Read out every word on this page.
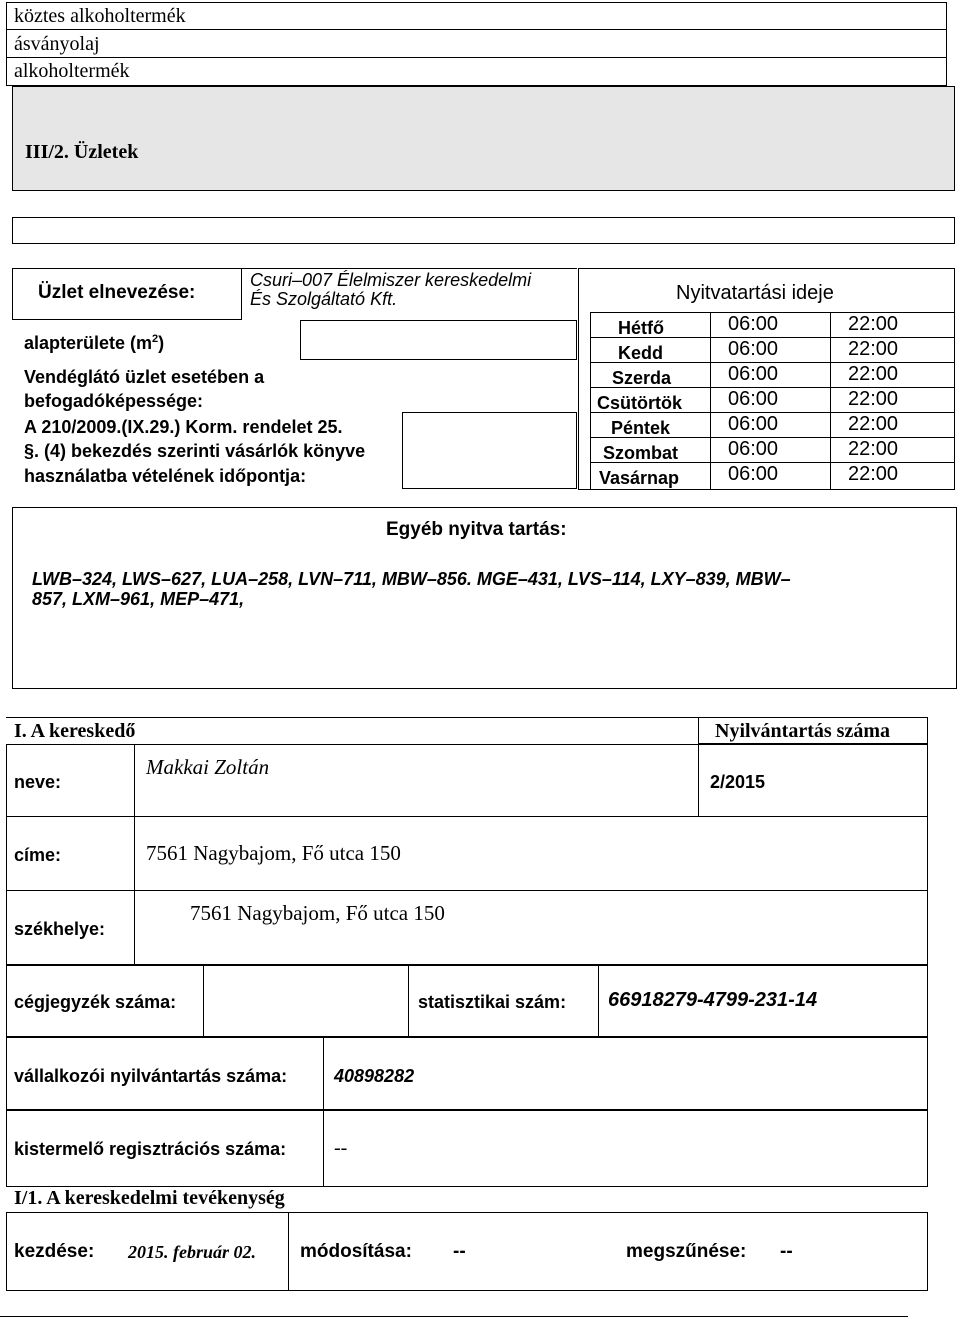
köztes alkoholtermék
ásványolaj
alkoholtermék
III/2. Üzletek
Üzlet elnevezése:
Csuri–007 Élelmiszer kereskedelmi
És Szolgáltató Kft.
alapterülete $(m^2)$
Vendéglátó üzlet esetében a
befogadóképessége:
A 210/2009.(IX.29.) Korm. rendelet 25.
§. (4) bekezdés szerinti vásárlók könyve
használatba vételének időpontja:
Nyitvatartási ideje
Hétfő	06:00	22:00
Kedd	06:00	22:00
Szerda	06:00	22:00
Csütörtök 06:00	22:00
Péntek	06:00	22:00
Szombat 06:00	22:00
Vasárnap 06:00	22:00
Egyéb nyitva tartás:
LWB–324, LWS–627, LUA–258, LVN–711, MBW–856. MGE–431, LVS–114, LXY–839, MBW–
857, LXM–961, MEP–471,
I. A kereskedő	Nyilvántartás száma
neve:
Makkai Zoltán
2/2015
címe:	7561 Nagybajom, Fő utca 150
székhelye:
7561 Nagybajom, Fő utca 150
cégjegyzék száma:	statisztikai szám: 66918279-4799-231-14
vállalkozói nyilvántartás száma:	40898282
kistermelő regisztrációs száma: --
I/1. A kereskedelmi tevékenység
kezdése: 2015. február 02. módosítása: --	megszűnése: --
